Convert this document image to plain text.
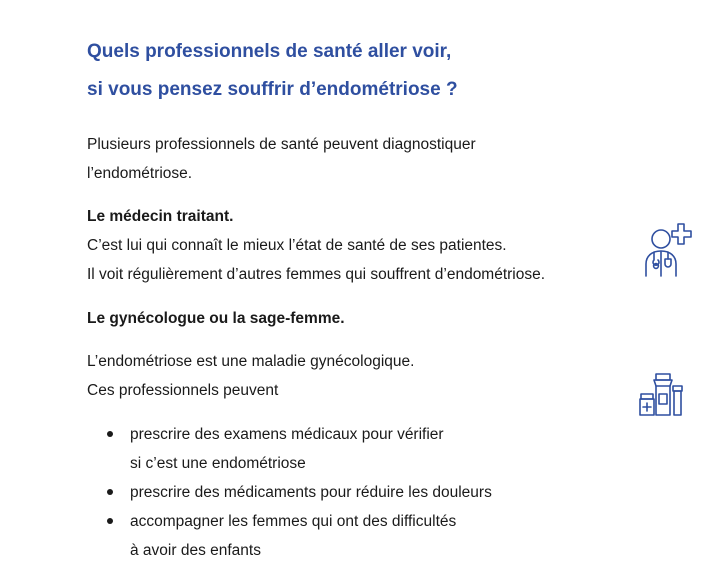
Quels professionnels de santé aller voir,
si vous pensez souffrir d’endométriose ?

Plusieurs professionnels de santé peuvent diagnostiquer
l’endométriose.

Le médecin traitant.
C’est lui qui connaît le mieux l’état de santé de ses patientes.
Il voit régulièrement d’autres femmes qui souffrent d’endométriose.

Le gynécologue ou la sage-femme.

L’endométriose est une maladie gynécologique.
Ces professionnels peuvent

prescrire des examens médicaux pour vérifier
si c’est une endométriose
prescrire des médicaments pour réduire les douleurs
accompagner les femmes qui ont des difficultés
à avoir des enfants
